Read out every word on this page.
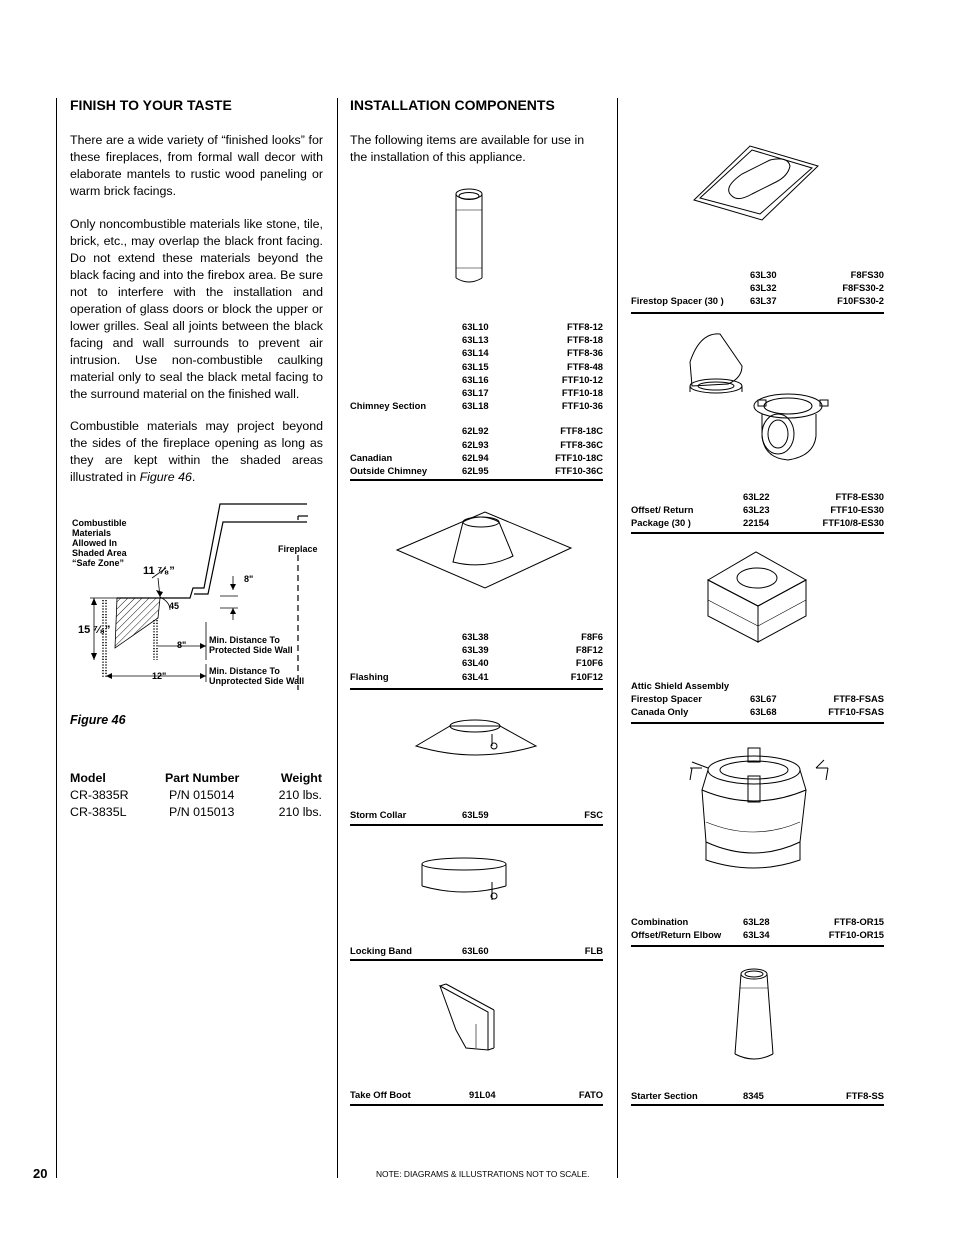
20	NOTE: DIAGRAMS & ILLUSTRATIONS NOT TO SCALE.
FINISH TO YOUR TASTE

There are a wide variety of “finished looks” for these fireplaces, from formal wall decor with elaborate mantels to rustic wood paneling or warm brick facings.

Only noncombustible materials like stone, tile, brick, etc., may overlap the black front facing. Do not extend these materials beyond the black facing and into the firebox area. Be sure not to interfere with the installation and operation of glass doors or block the upper or lower grilles. Seal all joints between the black facing and wall surrounds to prevent air intrusion. Use non-combustible caulking material only to seal the black metal facing to the surround material on the finished wall.

Combustible materials may project beyond the sides of the fireplace opening as long as they are kept within the shaded areas illustrated in Figure 46.

Combustible Materials Allowed In Shaded Area “Safe Zone”
Fireplace
11 ⁷⁄₈”
15 ⁷⁄₈”
8"
45
8"
12"
Min. Distance To Protected Side Wall
Min. Distance To Unprotected Side Wall
Figure 46
Model	Part Number	Weight
CR-3835R	P/N 015014	210 lbs.
CR-3835L	P/N 015013	210 lbs.
INSTALLATION COMPONENTS

The following items are available for use in the installation of this appliance.

63L10	FTF8-12
63L13	FTF8-18
63L14	FTF8-36
63L15	FTF8-48
63L16	FTF10-12
63L17	FTF10-18
Chimney Section	63L18	FTF10-36
62L92	FTF8-18C
62L93	FTF8-36C
Canadian	62L94	FTF10-18C
Outside Chimney	62L95	FTF10-36C
63L38	F8F6
63L39	F8F12
63L40	F10F6
Flashing	63L41	F10F12
Storm Collar	63L59	FSC
Locking Band	63L60	FLB
Take Off Boot	91L04	FATO
63L30	F8FS30
63L32	F8FS30-2
Firestop Spacer (30 )	63L37	F10FS30-2
63L22	FTF8-ES30
Offset/ Return	63L23	FTF10-ES30
Package (30 )	22154	FTF10/8-ES30
Attic Shield Assembly
Firestop Spacer	63L67	FTF8-FSAS
Canada Only	63L68	FTF10-FSAS
Combination	63L28	FTF8-OR15
Offset/Return Elbow 63L34	FTF10-OR15
Starter Section	8345	FTF8-SS
